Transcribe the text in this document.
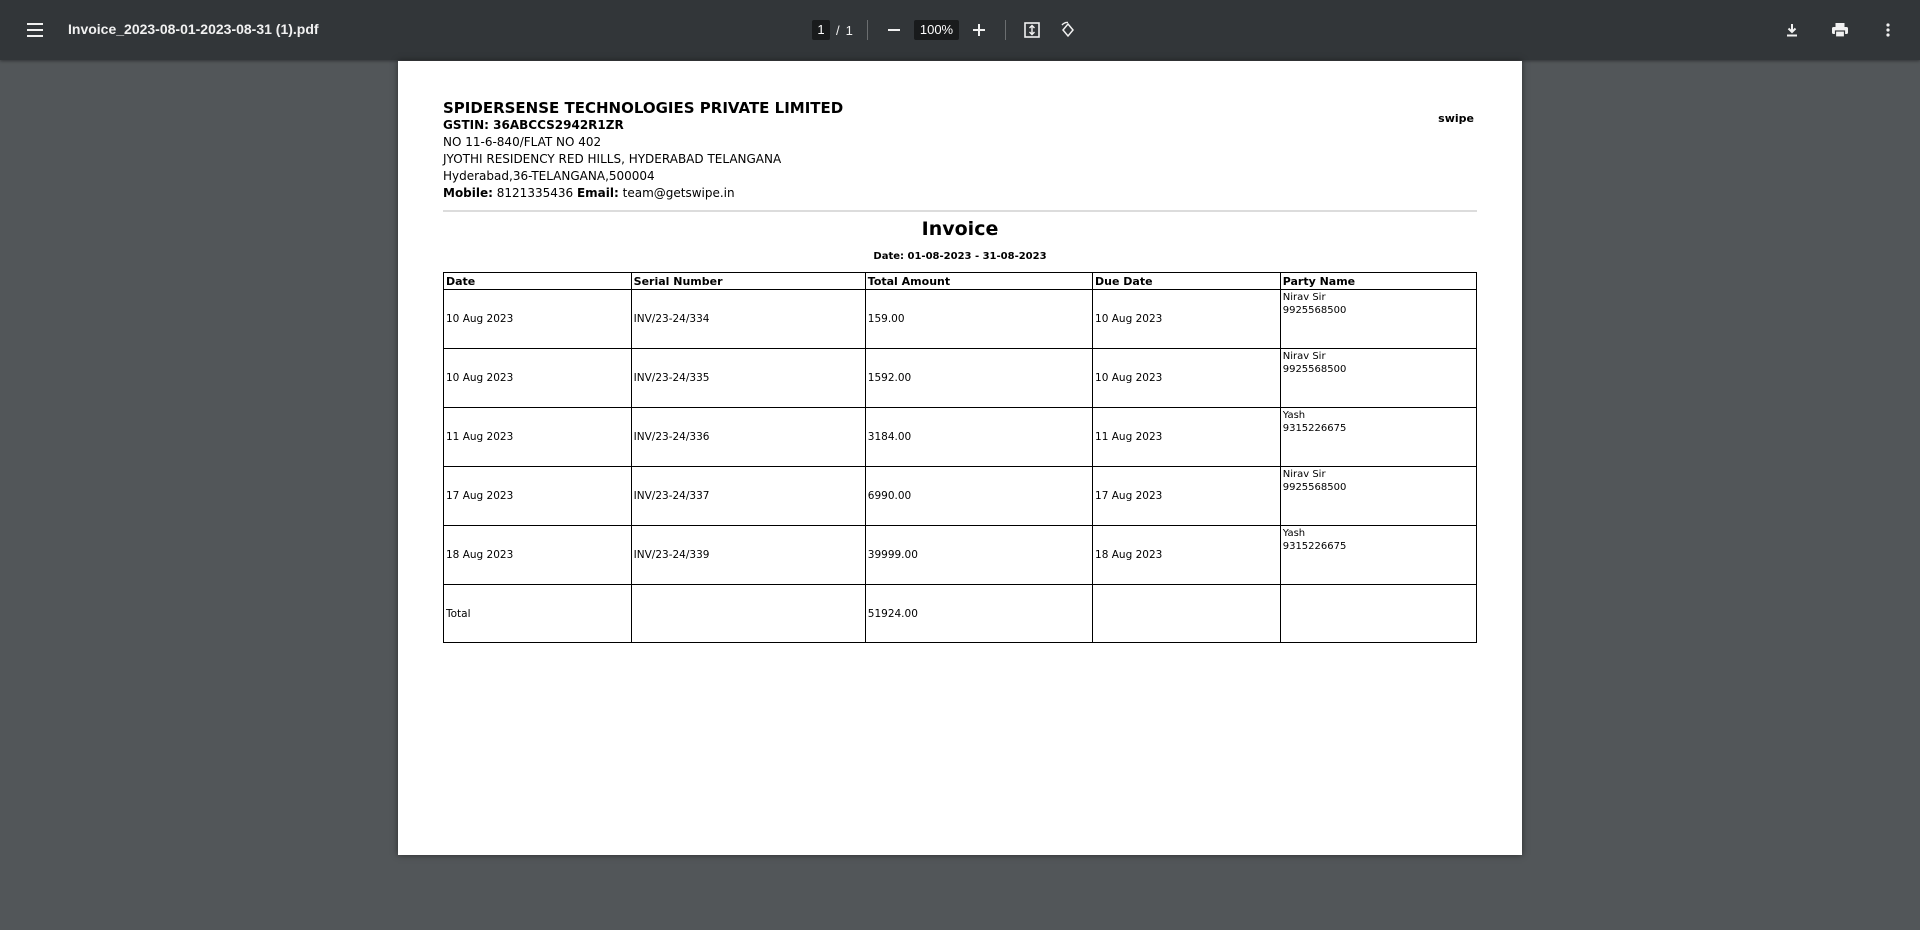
Invoice_2023-08-01-2023-08-31 (1).pdf	1 / 1	100%
SPIDERSENSE TECHNOLOGIES PRIVATE LIMITED
GSTIN: 36ABCCS2942R1ZR
NO 11-6-840/FLAT NO 402
JYOTHI RESIDENCY RED HILLS, HYDERABAD TELANGANA
Hyderabad,36-TELANGANA,500004
Mobile: 8121335436 Email: team@getswipe.in
swipe
Invoice
Date: 01-08-2023 - 31-08-2023
Date	Serial Number	Total Amount	Due Date	Party Name
10 Aug 2023	INV/23-24/334	159.00	10 Aug 2023	Nirav Sir
9925568500

10 Aug 2023	INV/23-24/335	1592.00	10 Aug 2023	Nirav Sir
9925568500

11 Aug 2023	INV/23-24/336	3184.00	11 Aug 2023	Yash
9315226675

17 Aug 2023	INV/23-24/337	6990.00	17 Aug 2023	Nirav Sir
9925568500

18 Aug 2023	INV/23-24/339	39999.00	18 Aug 2023	Yash
9315226675

Total		51924.00		
